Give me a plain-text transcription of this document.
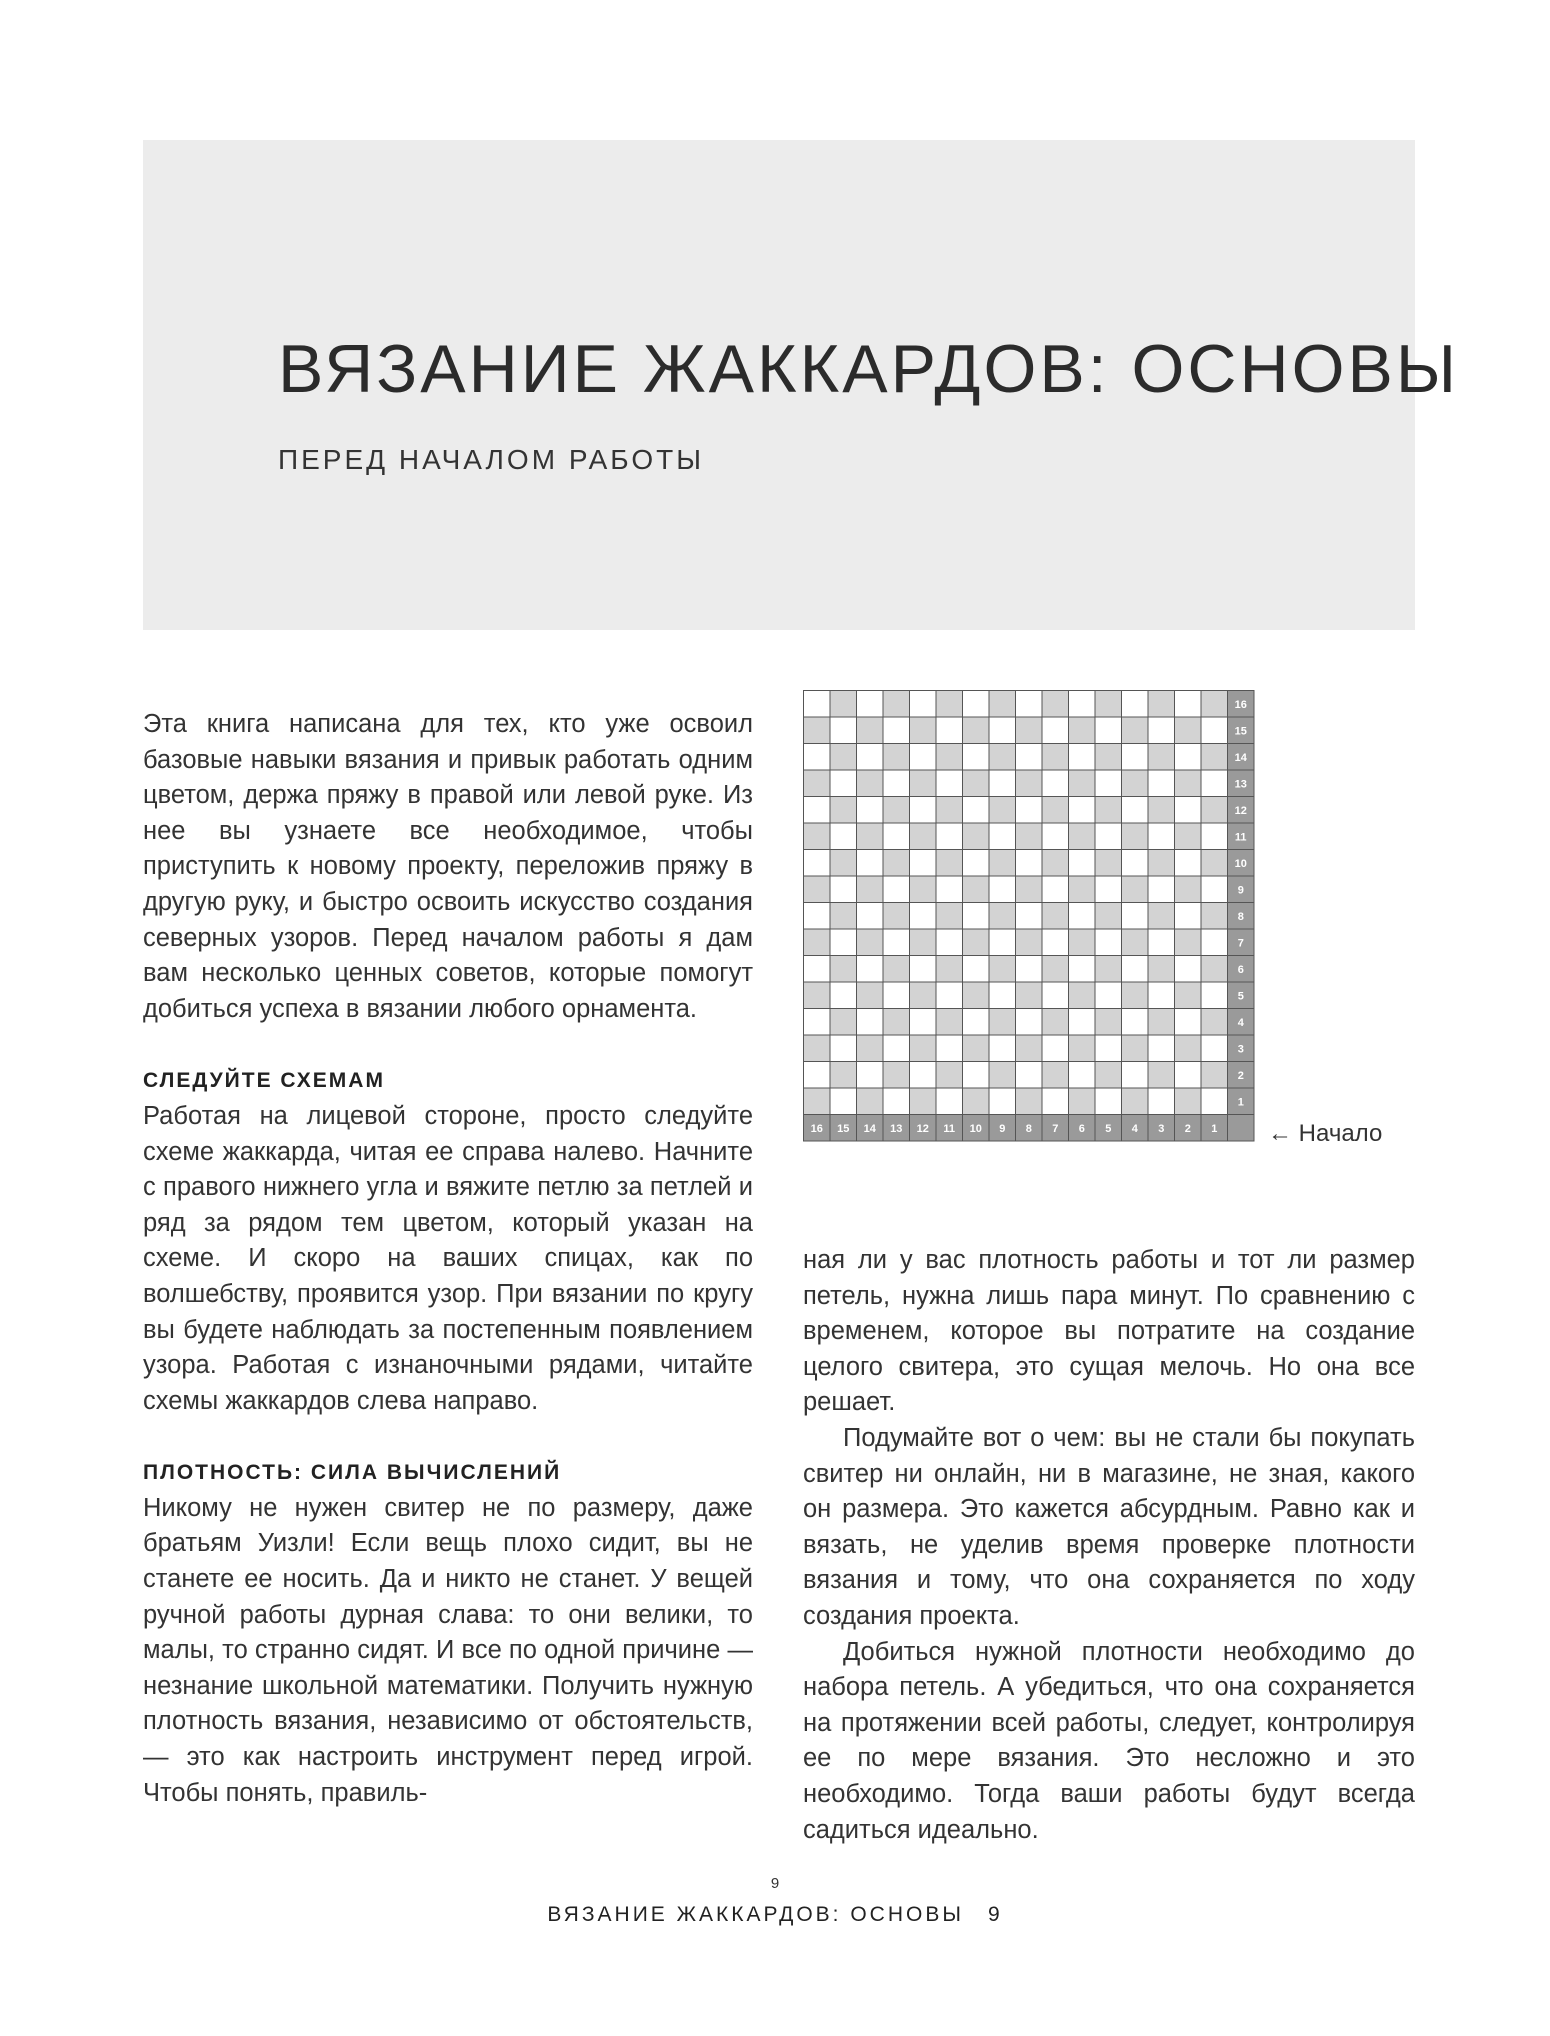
ВЯЗАНИЕ ЖАККАРДОВ: ОСНОВЫ
ПЕРЕД НАЧАЛОМ РАБОТЫ

Эта книга написана для тех, кто уже освоил базовые навыки вязания и привык работать одним цветом, держа пряжу в правой или левой руке. Из нее вы узнаете все необходимое, чтобы приступить к новому проекту, переложив пряжу в другую руку, и быстро освоить искусство создания северных узоров. Перед началом работы я дам вам несколько ценных советов, которые помогут добиться успеха в вязании любого орнамента.

СЛЕДУЙТЕ СХЕМАМ

Работая на лицевой стороне, просто следуйте схеме жаккарда, читая ее справа налево. Начните с правого нижнего угла и вяжите петлю за петлей и ряд за рядом тем цветом, который указан на схеме. И скоро на ваших спицах, как по волшебству, проявится узор. При вязании по кругу вы будете наблюдать за постепенным появлением узора. Работая с изнаночными рядами, читайте схемы жаккардов слева направо.

ПЛОТНОСТЬ: СИЛА ВЫЧИСЛЕНИЙ

Никому не нужен свитер не по размеру, даже братьям Уизли! Если вещь плохо сидит, вы не станете ее носить. Да и никто не станет. У вещей ручной работы дурная слава: то они велики, то малы, то странно сидят. И все по одной причине — незнание школьной математики. Получить нужную плотность вязания, независимо от обстоятельств, — это как настроить инструмент перед игрой. Чтобы понять, правиль-

16
15
14
13
12
11
10
9
8
7
6
5
4
3
2
1
16 15 14 13 12 11 10 9 8 7 6 5 4 3 2 1 ← Начало

ная ли у вас плотность работы и тот ли размер петель, нужна лишь пара минут. По сравнению с временем, которое вы потратите на создание целого свитера, это сущая мелочь. Но она все решает.

Подумайте вот о чем: вы не стали бы покупать свитер ни онлайн, ни в магазине, не зная, какого он размера. Это кажется абсурдным. Равно как и вязать, не уделив время проверке плотности вязания и тому, что она сохраняется по ходу создания проекта.

Добиться нужной плотности необходимо до набора петель. А убедиться, что она сохраняется на протяжении всей работы, следует, контролируя ее по мере вязания. Это несложно и это необходимо. Тогда ваши работы будут всегда садиться идеально.

9
ВЯЗАНИЕ ЖАККАРДОВ: ОСНОВЫ 9
